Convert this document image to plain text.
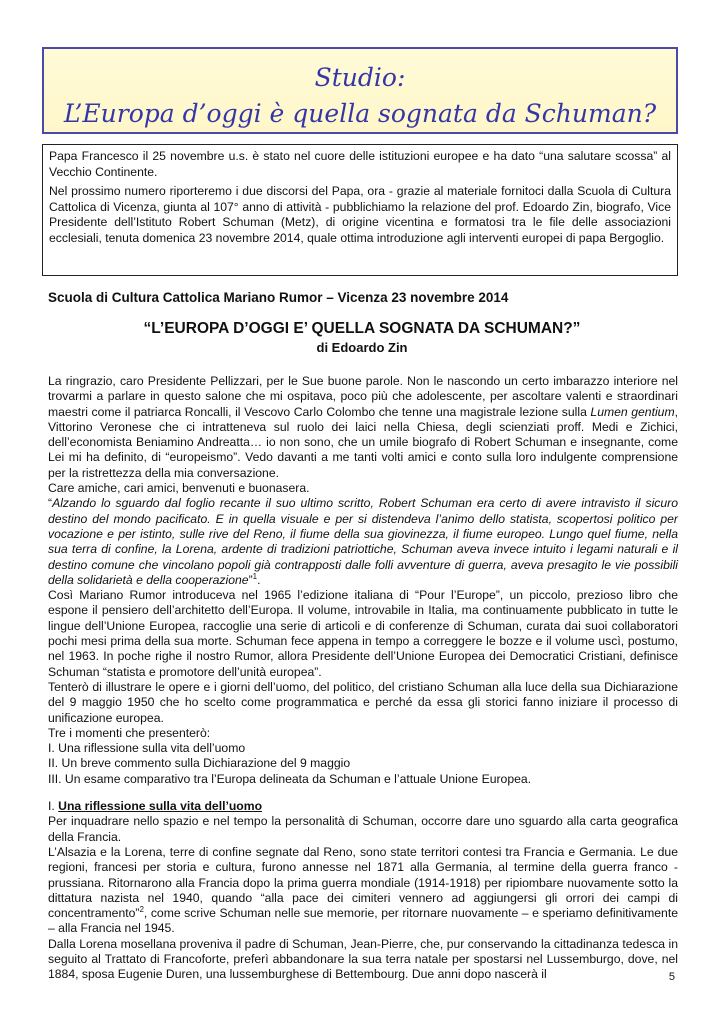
Studio:
L’Europa d’oggi è quella sognata da Schuman?

Papa Francesco il 25 novembre u.s. è stato nel cuore delle istituzioni europee e ha dato “una salutare scossa” al Vecchio Continente.

Nel prossimo numero riporteremo i due discorsi del Papa, ora - grazie al materiale fornitoci dalla Scuola di Cultura Cattolica di Vicenza, giunta al 107° anno di attività - pubblichiamo la relazione del prof. Edoardo Zin, biografo, Vice Presidente dell’Istituto Robert Schuman (Metz), di origine vicentina e formatosi tra le file delle associazioni ecclesiali, tenuta domenica 23 novembre 2014, quale ottima introduzione agli interventi europei di papa Bergoglio.

Scuola di Cultura Cattolica Mariano Rumor – Vicenza 23 novembre 2014
“L’EUROPA D’OGGI E’ QUELLA SOGNATA DA SCHUMAN?”
di Edoardo Zin

La ringrazio, caro Presidente Pellizzari, per le Sue buone parole. Non le nascondo un certo imbarazzo interiore nel trovarmi a parlare in questo salone che mi ospitava, poco più che adolescente, per ascoltare valenti e straordinari maestri come il patriarca Roncalli, il Vescovo Carlo Colombo che tenne una magistrale lezione sulla Lumen gentium, Vittorino Veronese che ci intratteneva sul ruolo dei laici nella Chiesa, degli scienziati proff. Medi e Zichici, dell’economista Beniamino Andreatta… io non sono, che un umile biografo di Robert Schuman e insegnante, come Lei mi ha definito, di “europeismo”. Vedo davanti a me tanti volti amici e conto sulla loro indulgente comprensione per la ristrettezza della mia conversazione.

Care amiche, cari amici, benvenuti e buonasera.

“Alzando lo sguardo dal foglio recante il suo ultimo scritto, Robert Schuman era certo di avere intravisto il sicuro destino del mondo pacificato. E in quella visuale e per si distendeva l’animo dello statista, scopertosi politico per vocazione e per istinto, sulle rive del Reno, il fiume della sua giovinezza, il fiume europeo. Lungo quel fiume, nella sua terra di confine, la Lorena, ardente di tradizioni patriottiche, Schuman aveva invece intuito i legami naturali e il destino comune che vincolano popoli già contrapposti dalle folli avventure di guerra, aveva presagito le vie possibili della solidarietà e della cooperazione”$^1$.

Così Mariano Rumor introduceva nel 1965 l’edizione italiana di “Pour l’Europe”, un piccolo, prezioso libro che espone il pensiero dell’architetto dell’Europa. Il volume, introvabile in Italia, ma continuamente pubblicato in tutte le lingue dell’Unione Europea, raccoglie una serie di articoli e di conferenze di Schuman, curata dai suoi collaboratori pochi mesi prima della sua morte. Schuman fece appena in tempo a correggere le bozze e il volume uscì, postumo, nel 1963. In poche righe il nostro Rumor, allora Presidente dell’Unione Europea dei Democratici Cristiani, definisce Schuman “statista e promotore dell’unità europea”.

Tenterò di illustrare le opere e i giorni dell’uomo, del politico, del cristiano Schuman alla luce della sua Dichiarazione del 9 maggio 1950 che ho scelto come programmatica e perché da essa gli storici fanno iniziare il processo di unificazione europea.

Tre i momenti che presenterò:

I. Una riflessione sulla vita dell’uomo

II. Un breve commento sulla Dichiarazione del 9 maggio

III. Un esame comparativo tra l’Europa delineata da Schuman e l’attuale Unione Europea.

I. Una riflessione sulla vita dell’uomo

Per inquadrare nello spazio e nel tempo la personalità di Schuman, occorre dare uno sguardo alla carta geografica della Francia.

L’Alsazia e la Lorena, terre di confine segnate dal Reno, sono state territori contesi tra Francia e Germania. Le due regioni, francesi per storia e cultura, furono annesse nel 1871 alla Germania, al termine della guerra franco -prussiana. Ritornarono alla Francia dopo la prima guerra mondiale (1914-1918) per ripiombare nuovamente sotto la dittatura nazista nel 1940, quando “alla pace dei cimiteri vennero ad aggiungersi gli orrori dei campi di concentramento”$^2$, come scrive Schuman nelle sue memorie, per ritornare nuovamente – e speriamo definitivamente – alla Francia nel 1945.

Dalla Lorena mosellana proveniva il padre di Schuman, Jean-Pierre, che, pur conservando la cittadinanza tedesca in seguito al Trattato di Francoforte, preferì abbandonare la sua terra natale per spostarsi nel Lussemburgo, dove, nel 1884, sposa Eugenie Duren, una lussemburghese di Bettembourg. Due anni dopo nascerà il	5
